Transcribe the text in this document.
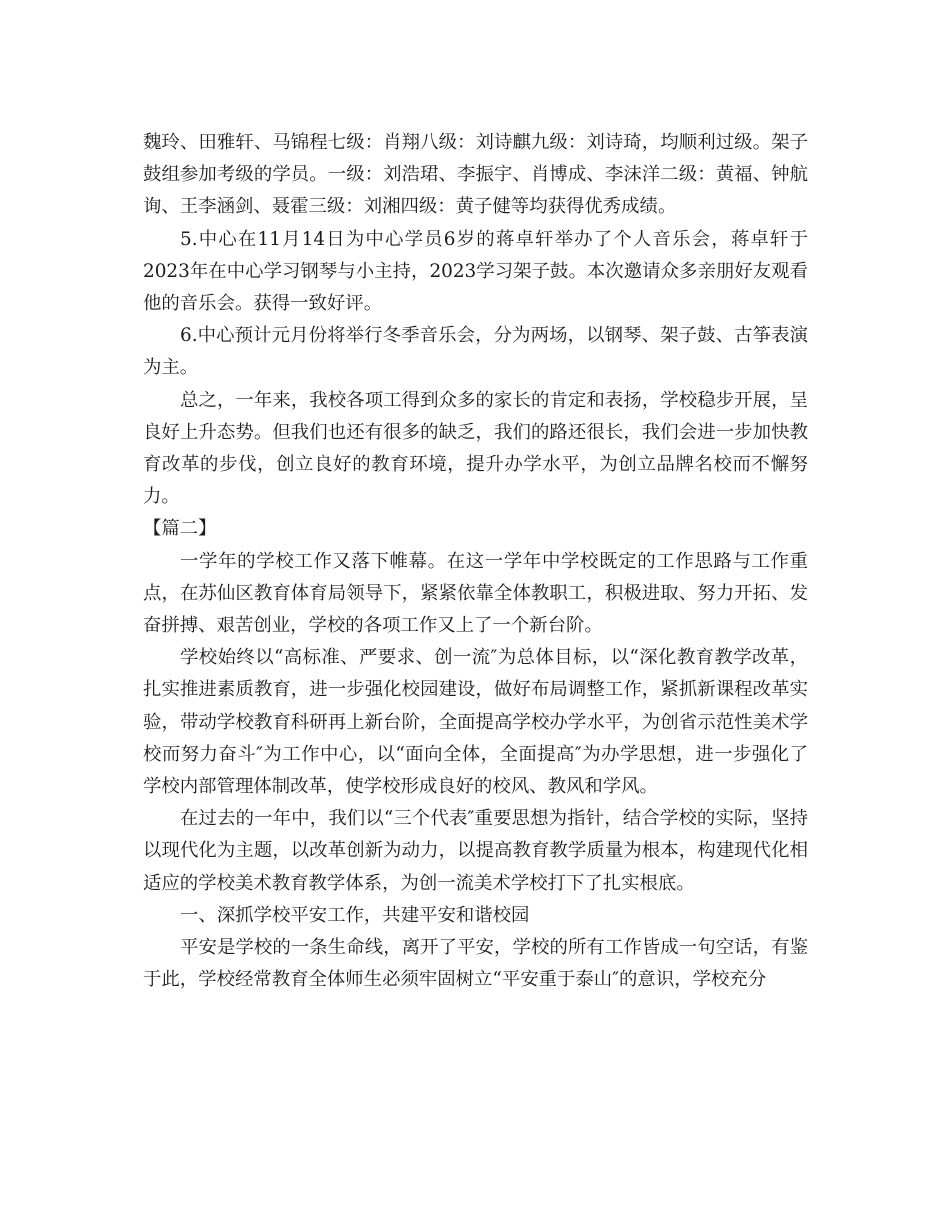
魏玲、田雅轩、马锦程七级：肖翔八级：刘诗麒九级：刘诗琦，均顺利过级。架子鼓组参加考级的学员。一级：刘浩珺、李振宇、肖博成、李沫洋二级：黄福、钟航询、王李涵剑、聂霍三级：刘湘四级：黄子健等均获得优秀成绩。

5.中心在11月14日为中心学员6岁的蒋卓轩举办了个人音乐会，蒋卓轩于2023年在中心学习钢琴与小主持，2023学习架子鼓。本次邀请众多亲朋好友观看他的音乐会。获得一致好评。

6.中心预计元月份将举行冬季音乐会，分为两场，以钢琴、架子鼓、古筝表演为主。

总之，一年来，我校各项工得到众多的家长的肯定和表扬，学校稳步开展，呈良好上升态势。但我们也还有很多的缺乏，我们的路还很长，我们会进一步加快教育改革的步伐，创立良好的教育环境，提升办学水平，为创立品牌名校而不懈努力。

【篇二】

一学年的学校工作又落下帷幕。在这一学年中学校既定的工作思路与工作重点，在苏仙区教育体育局领导下，紧紧依靠全体教职工，积极进取、努力开拓、发奋拼搏、艰苦创业，学校的各项工作又上了一个新台阶。

学校始终以“高标准、严要求、创一流″为总体目标，以“深化教育教学改革，扎实推进素质教育，进一步强化校园建设，做好布局调整工作，紧抓新课程改革实验，带动学校教育科研再上新台阶，全面提高学校办学水平，为创省示范性美术学校而努力奋斗″为工作中心，以“面向全体，全面提高″为办学思想，进一步强化了学校内部管理体制改革，使学校形成良好的校风、教风和学风。

在过去的一年中，我们以“三个代表″重要思想为指针，结合学校的实际，坚持以现代化为主题，以改革创新为动力，以提高教育教学质量为根本，构建现代化相适应的学校美术教育教学体系，为创一流美术学校打下了扎实根底。

一、深抓学校平安工作，共建平安和谐校园

平安是学校的一条生命线，离开了平安，学校的所有工作皆成一句空话，有鉴于此，学校经常教育全体师生必须牢固树立“平安重于泰山″的意识，学校充分
